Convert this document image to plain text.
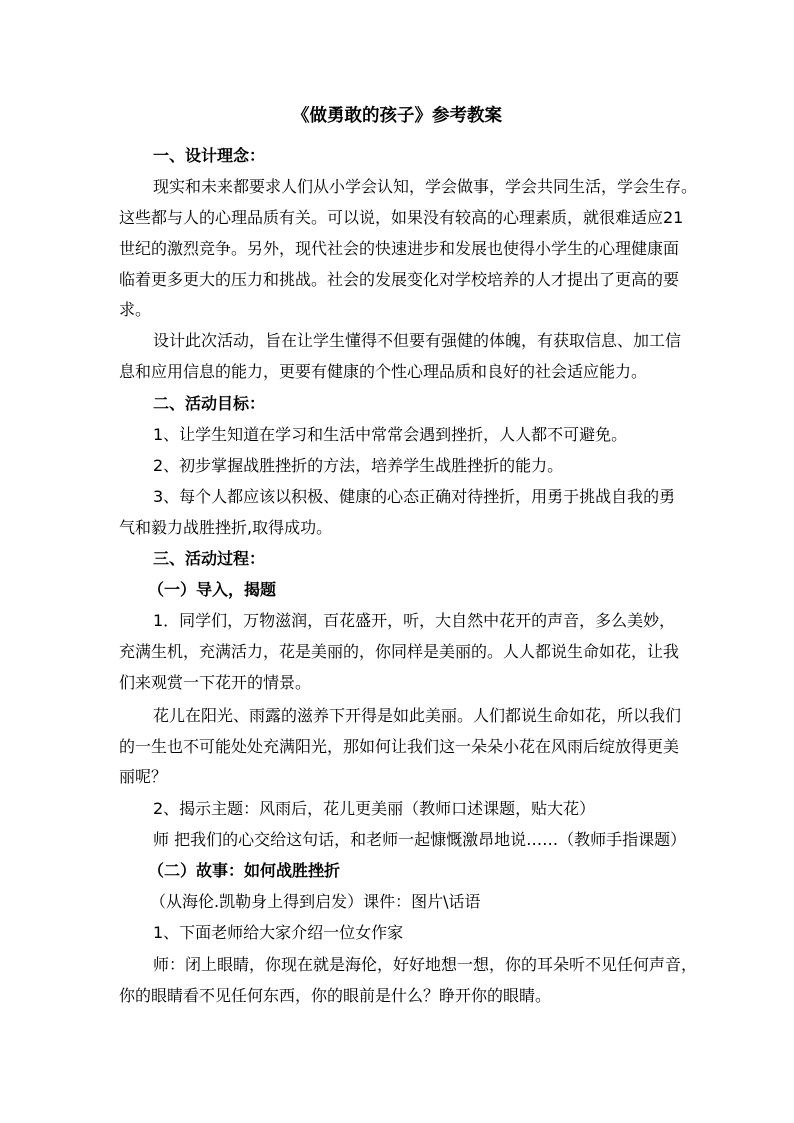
《做勇敢的孩子》参考教案
一、设计理念：
现实和未来都要求人们从小学会认知，学会做事，学会共同生活，学会生存。
这些都与人的心理品质有关。可以说，如果没有较高的心理素质，就很难适应21
世纪的激烈竞争。另外，现代社会的快速进步和发展也使得小学生的心理健康面
临着更多更大的压力和挑战。社会的发展变化对学校培养的人才提出了更高的要
求。
设计此次活动，旨在让学生懂得不但要有强健的体魄，有获取信息、加工信
息和应用信息的能力，更要有健康的个性心理品质和良好的社会适应能力。
二、活动目标：
1、让学生知道在学习和生活中常常会遇到挫折，人人都不可避免。
2、初步掌握战胜挫折的方法，培养学生战胜挫折的能力。
3、每个人都应该以积极、健康的心态正确对待挫折，用勇于挑战自我的勇
气和毅力战胜挫折,取得成功。
三、活动过程：
（一）导入，揭题
1．同学们，万物滋润，百花盛开，听，大自然中花开的声音，多么美妙，
充满生机，充满活力，花是美丽的，你同样是美丽的。人人都说生命如花，让我
们来观赏一下花开的情景。
花儿在阳光、雨露的滋养下开得是如此美丽。人们都说生命如花，所以我们
的一生也不可能处处充满阳光，那如何让我们这一朵朵小花在风雨后绽放得更美
丽呢？
2、揭示主题：风雨后，花儿更美丽（教师口述课题，贴大花）
师 把我们的心交给这句话，和老师一起慷慨激昂地说……（教师手指课题）
（二）故事：如何战胜挫折
（从海伦.凯勒身上得到启发）课件：图片\话语
1、下面老师给大家介绍一位女作家
师：闭上眼睛，你现在就是海伦，好好地想一想，你的耳朵听不见任何声音，
你的眼睛看不见任何东西，你的眼前是什么？睁开你的眼睛。
